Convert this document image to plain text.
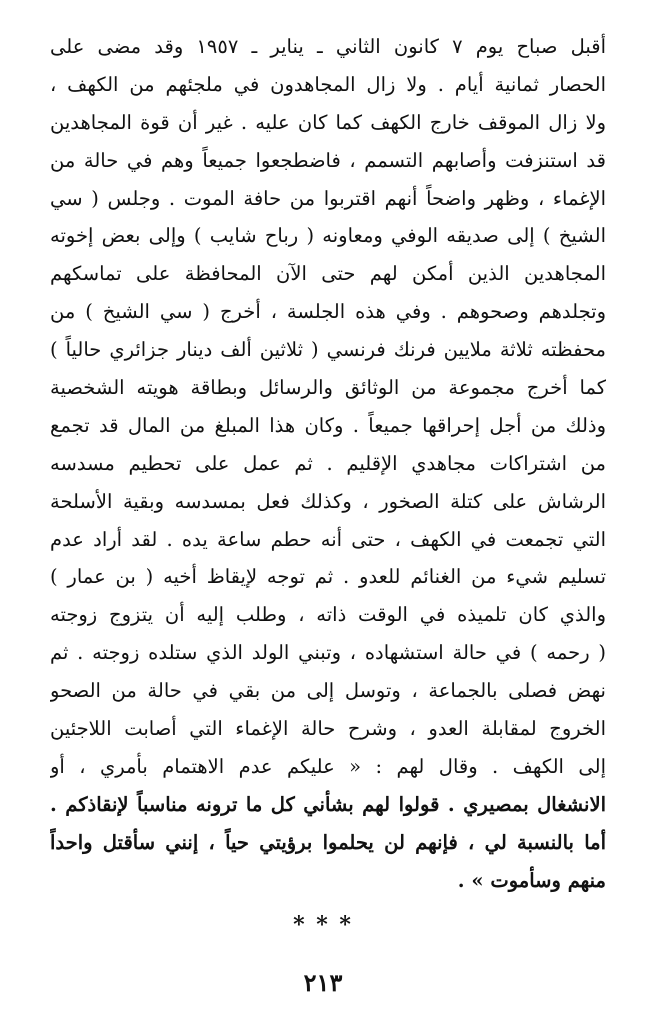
أقبل صباح يوم ٧ كانون الثاني ـ يناير ـ ١٩٥٧ وقد مضى على
الحصار ثمانية أيام . ولا زال المجاهدون في ملجئهم من الكهف ،
ولا زال الموقف خارج الكهف كما كان عليه . غير أن قوة المجاهدين
قد استنزفت وأصابهم التسمم ، فاضطجعوا جميعاً وهم في حالة من
الإغماء ، وظهر واضحاً أنهم اقتربوا من حافة الموت . وجلس ( سي
الشيخ ) إلى صديقه الوفي ومعاونه ( رباح شايب ) وإلى بعض إخوته
المجاهدين الذين أمكن لهم حتى الآن المحافظة على تماسكهم
وتجلدهم وصحوهم . وفي هذه الجلسة ، أخرج ( سي الشيخ ) من
محفظته ثلاثة ملايين فرنك فرنسي ( ثلاثين ألف دينار جزائري حالياً )
كما أخرج مجموعة من الوثائق والرسائل وبطاقة هويته الشخصية
وذلك من أجل إحراقها جميعاً . وكان هذا المبلغ من المال قد تجمع
من اشتراكات مجاهدي الإقليم . ثم عمل على تحطيم مسدسه
الرشاش على كتلة الصخور ، وكذلك فعل بمسدسه وبقية الأسلحة
التي تجمعت في الكهف ، حتى أنه حطم ساعة يده . لقد أراد عدم
تسليم شيء من الغنائم للعدو . ثم توجه لإيقاظ أخيه ( بن عمار )
والذي كان تلميذه في الوقت ذاته ، وطلب إليه أن يتزوج زوجته
( رحمه ) في حالة استشهاده ، وتبني الولد الذي ستلده زوجته . ثم
نهض فصلى بالجماعة ، وتوسل إلى من بقي في حالة من الصحو
الخروج لمقابلة العدو ، وشرح حالة الإغماء التي أصابت اللاجئين
إلى الكهف . وقال لهم : « عليكم عدم الاهتمام بأمري ، أو
الانشغال بمصيري . قولوا لهم بشأني كل ما ترونه مناسباً لإنقاذكم .
أما بالنسبة لي ، فإنهم لن يحلموا برؤيتي حياً ، إنني سأقتل واحداً
منهم وسأموت » .
* * *
٢١٣
